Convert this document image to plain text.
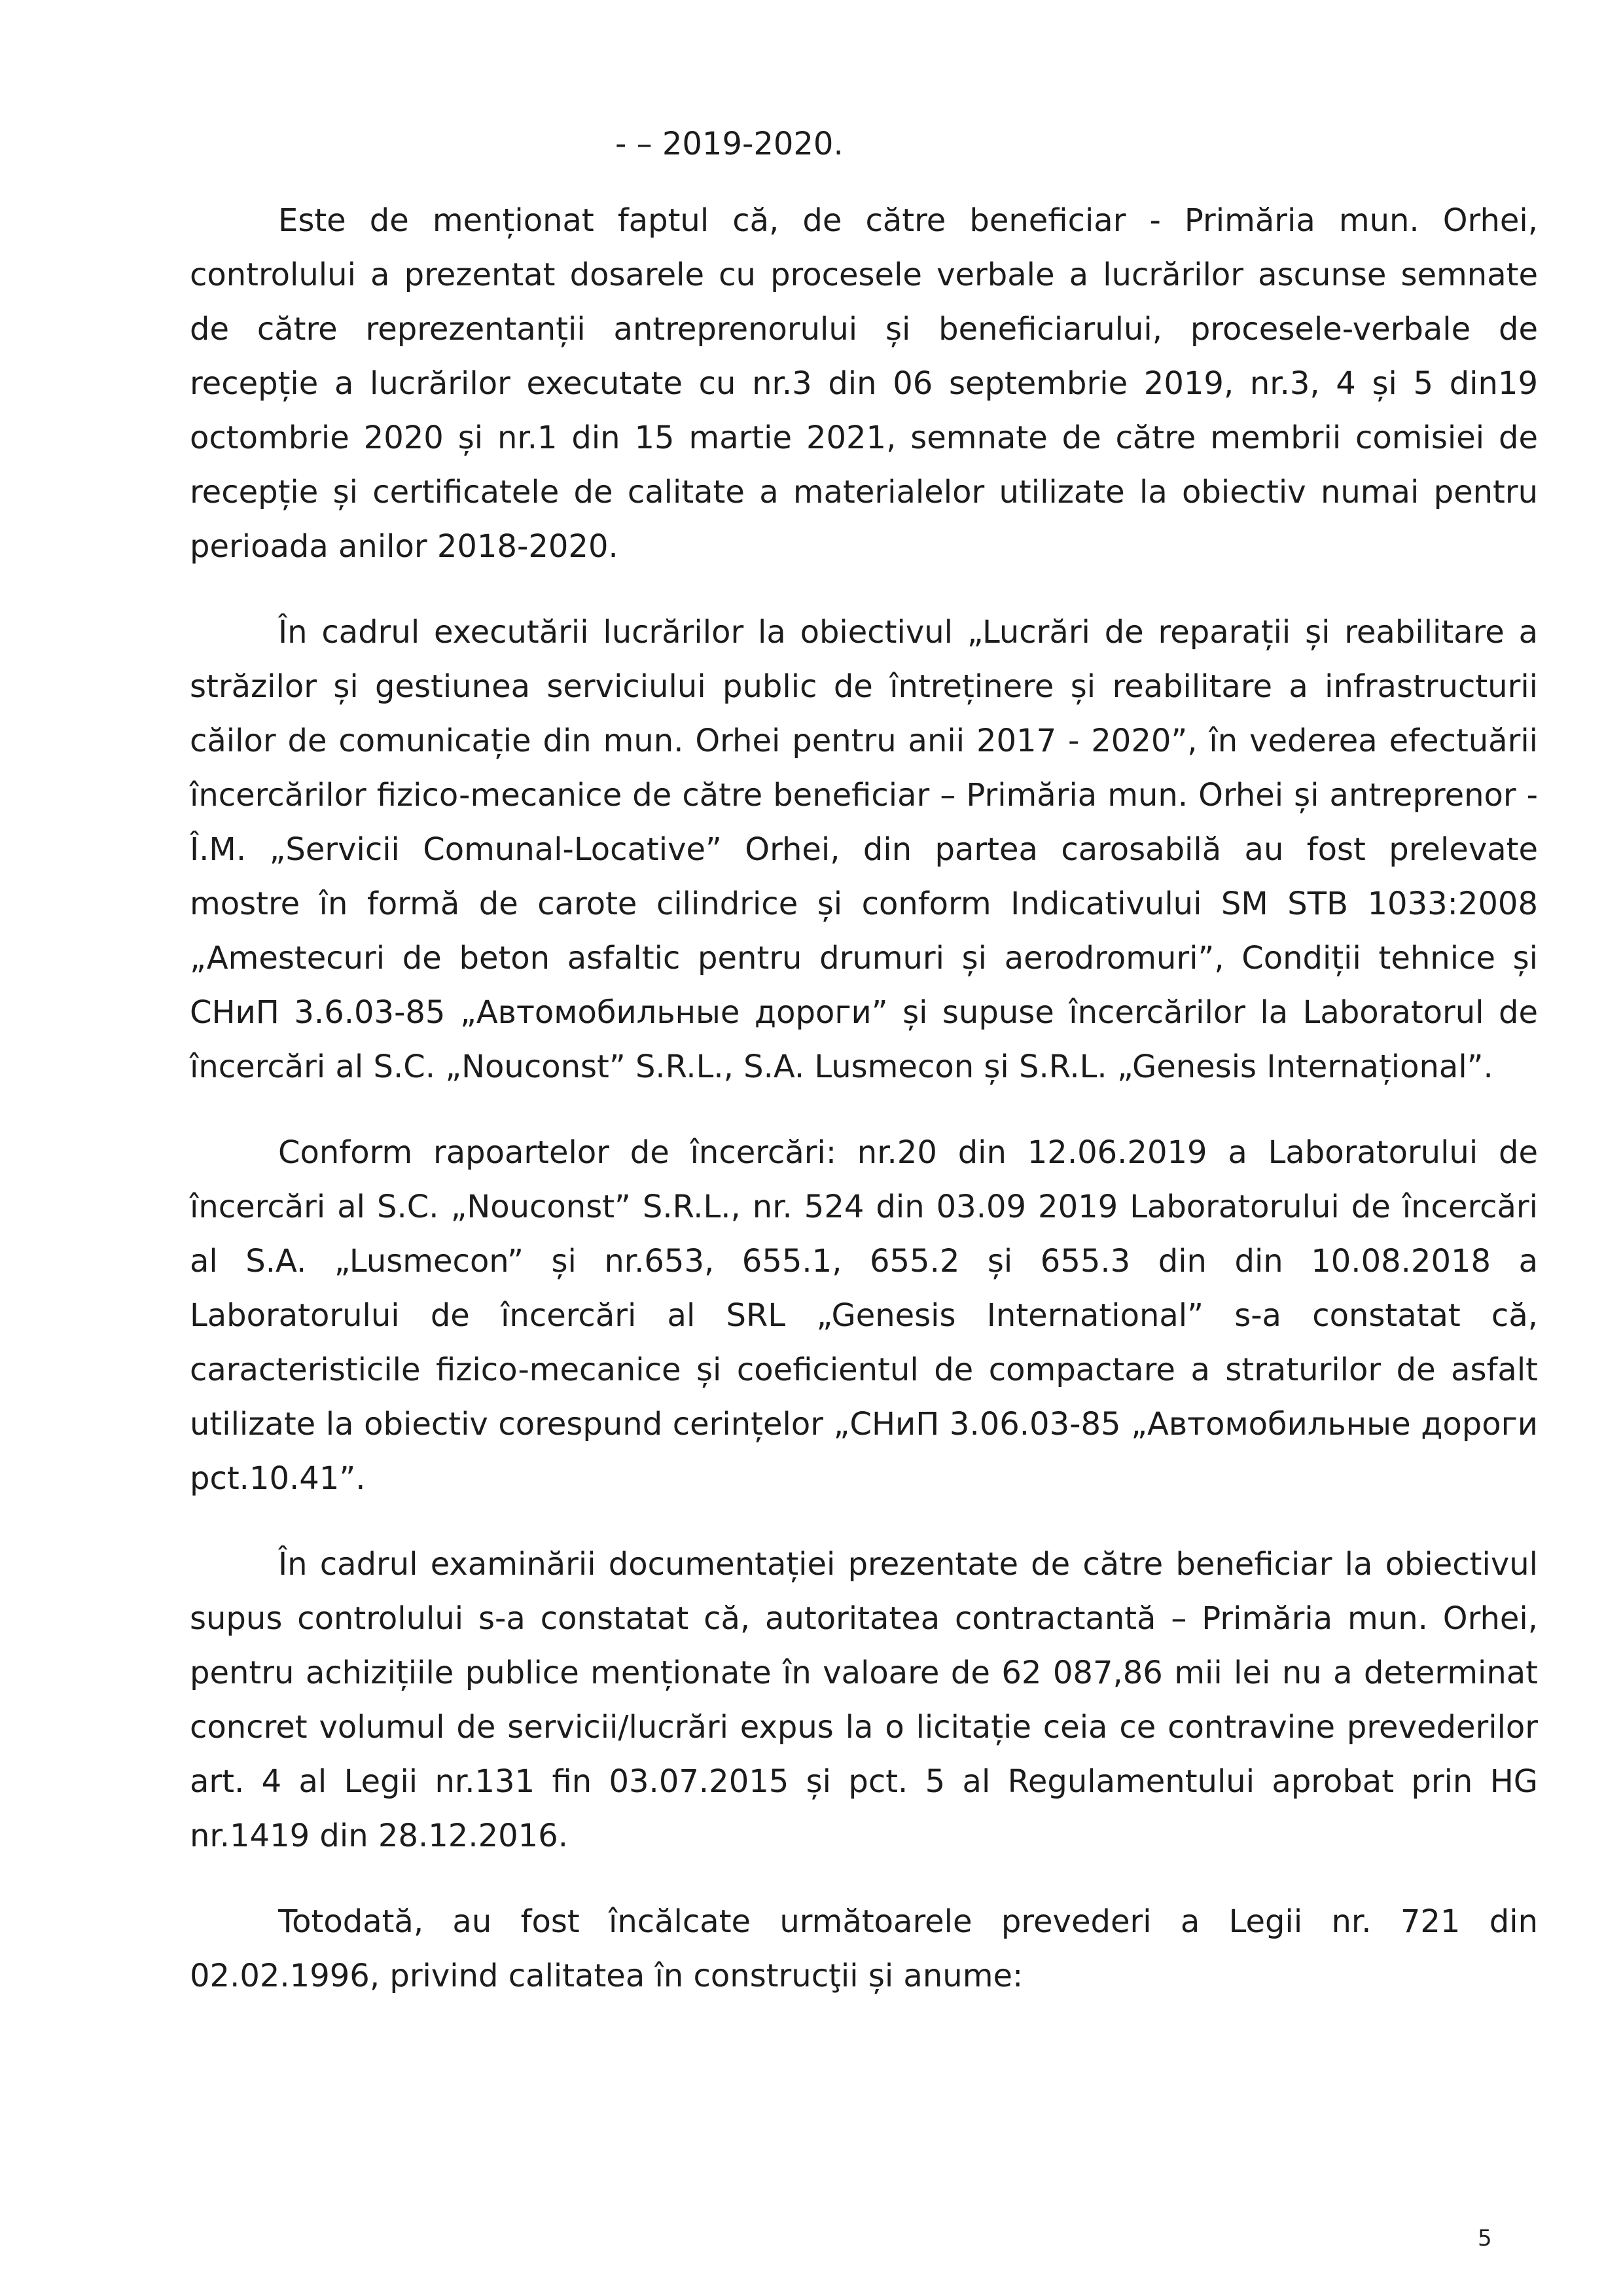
- – 2019-2020.

Este de menționat faptul că, de către beneficiar - Primăria mun. Orhei, controlului a prezentat dosarele cu procesele verbale a lucrărilor ascunse semnate de către reprezentanții antreprenorului și beneficiarului, procesele-verbale de recepție a lucrărilor executate cu nr.3 din 06 septembrie 2019, nr.3, 4 și 5 din19 octombrie 2020 și nr.1 din 15 martie 2021, semnate de către membrii comisiei de recepție și certificatele de calitate a materialelor utilizate la obiectiv numai pentru perioada anilor 2018-2020.

În cadrul executării lucrărilor la obiectivul „Lucrări de reparații și reabilitare a străzilor și gestiunea serviciului public de întreținere și reabilitare a infrastructurii căilor de comunicație din mun. Orhei pentru anii 2017 - 2020”, în vederea efectuării încercărilor fizico-mecanice de către beneficiar – Primăria mun. Orhei și antreprenor - Î.M. „Servicii Comunal-Locative” Orhei, din partea carosabilă au fost prelevate mostre în formă de carote cilindrice și conform Indicativului SM STB 1033:2008 „Amestecuri de beton asfaltic pentru drumuri și aerodromuri”, Condiții tehnice și СНиП 3.6.03-85 „Автомобильные дороги” și supuse încercărilor la Laboratorul de încercări al S.C. „Nouconst” S.R.L., S.A. Lusmecon și S.R.L. „Genesis Internațional”.

Conform rapoartelor de încercări: nr.20 din 12.06.2019 a Laboratorului de încercări al S.C. „Nouconst” S.R.L., nr. 524 din 03.09 2019 Laboratorului de încercări al S.A. „Lusmecon” și nr.653, 655.1, 655.2 și 655.3 din din 10.08.2018 a Laboratorului de încercări al SRL „Genesis International” s-a constatat că, caracteristicile fizico-mecanice și coeficientul de compactare a straturilor de asfalt utilizate la obiectiv corespund cerințelor „СНиП 3.06.03-85 „Автомобильные дороги pct.10.41”.

În cadrul examinării documentației prezentate de către beneficiar la obiectivul supus controlului s-a constatat că, autoritatea contractantă – Primăria mun. Orhei, pentru achizițiile publice menționate în valoare de 62 087,86 mii lei nu a determinat concret volumul de servicii/lucrări expus la o licitație ceia ce contravine prevederilor art. 4 al Legii nr.131 fin 03.07.2015 și pct. 5 al Regulamentului aprobat prin HG nr.1419 din 28.12.2016.

Totodată, au fost încălcate următoarele prevederi a Legii nr. 721 din 02.02.1996, privind calitatea în construcţii și anume:

5
